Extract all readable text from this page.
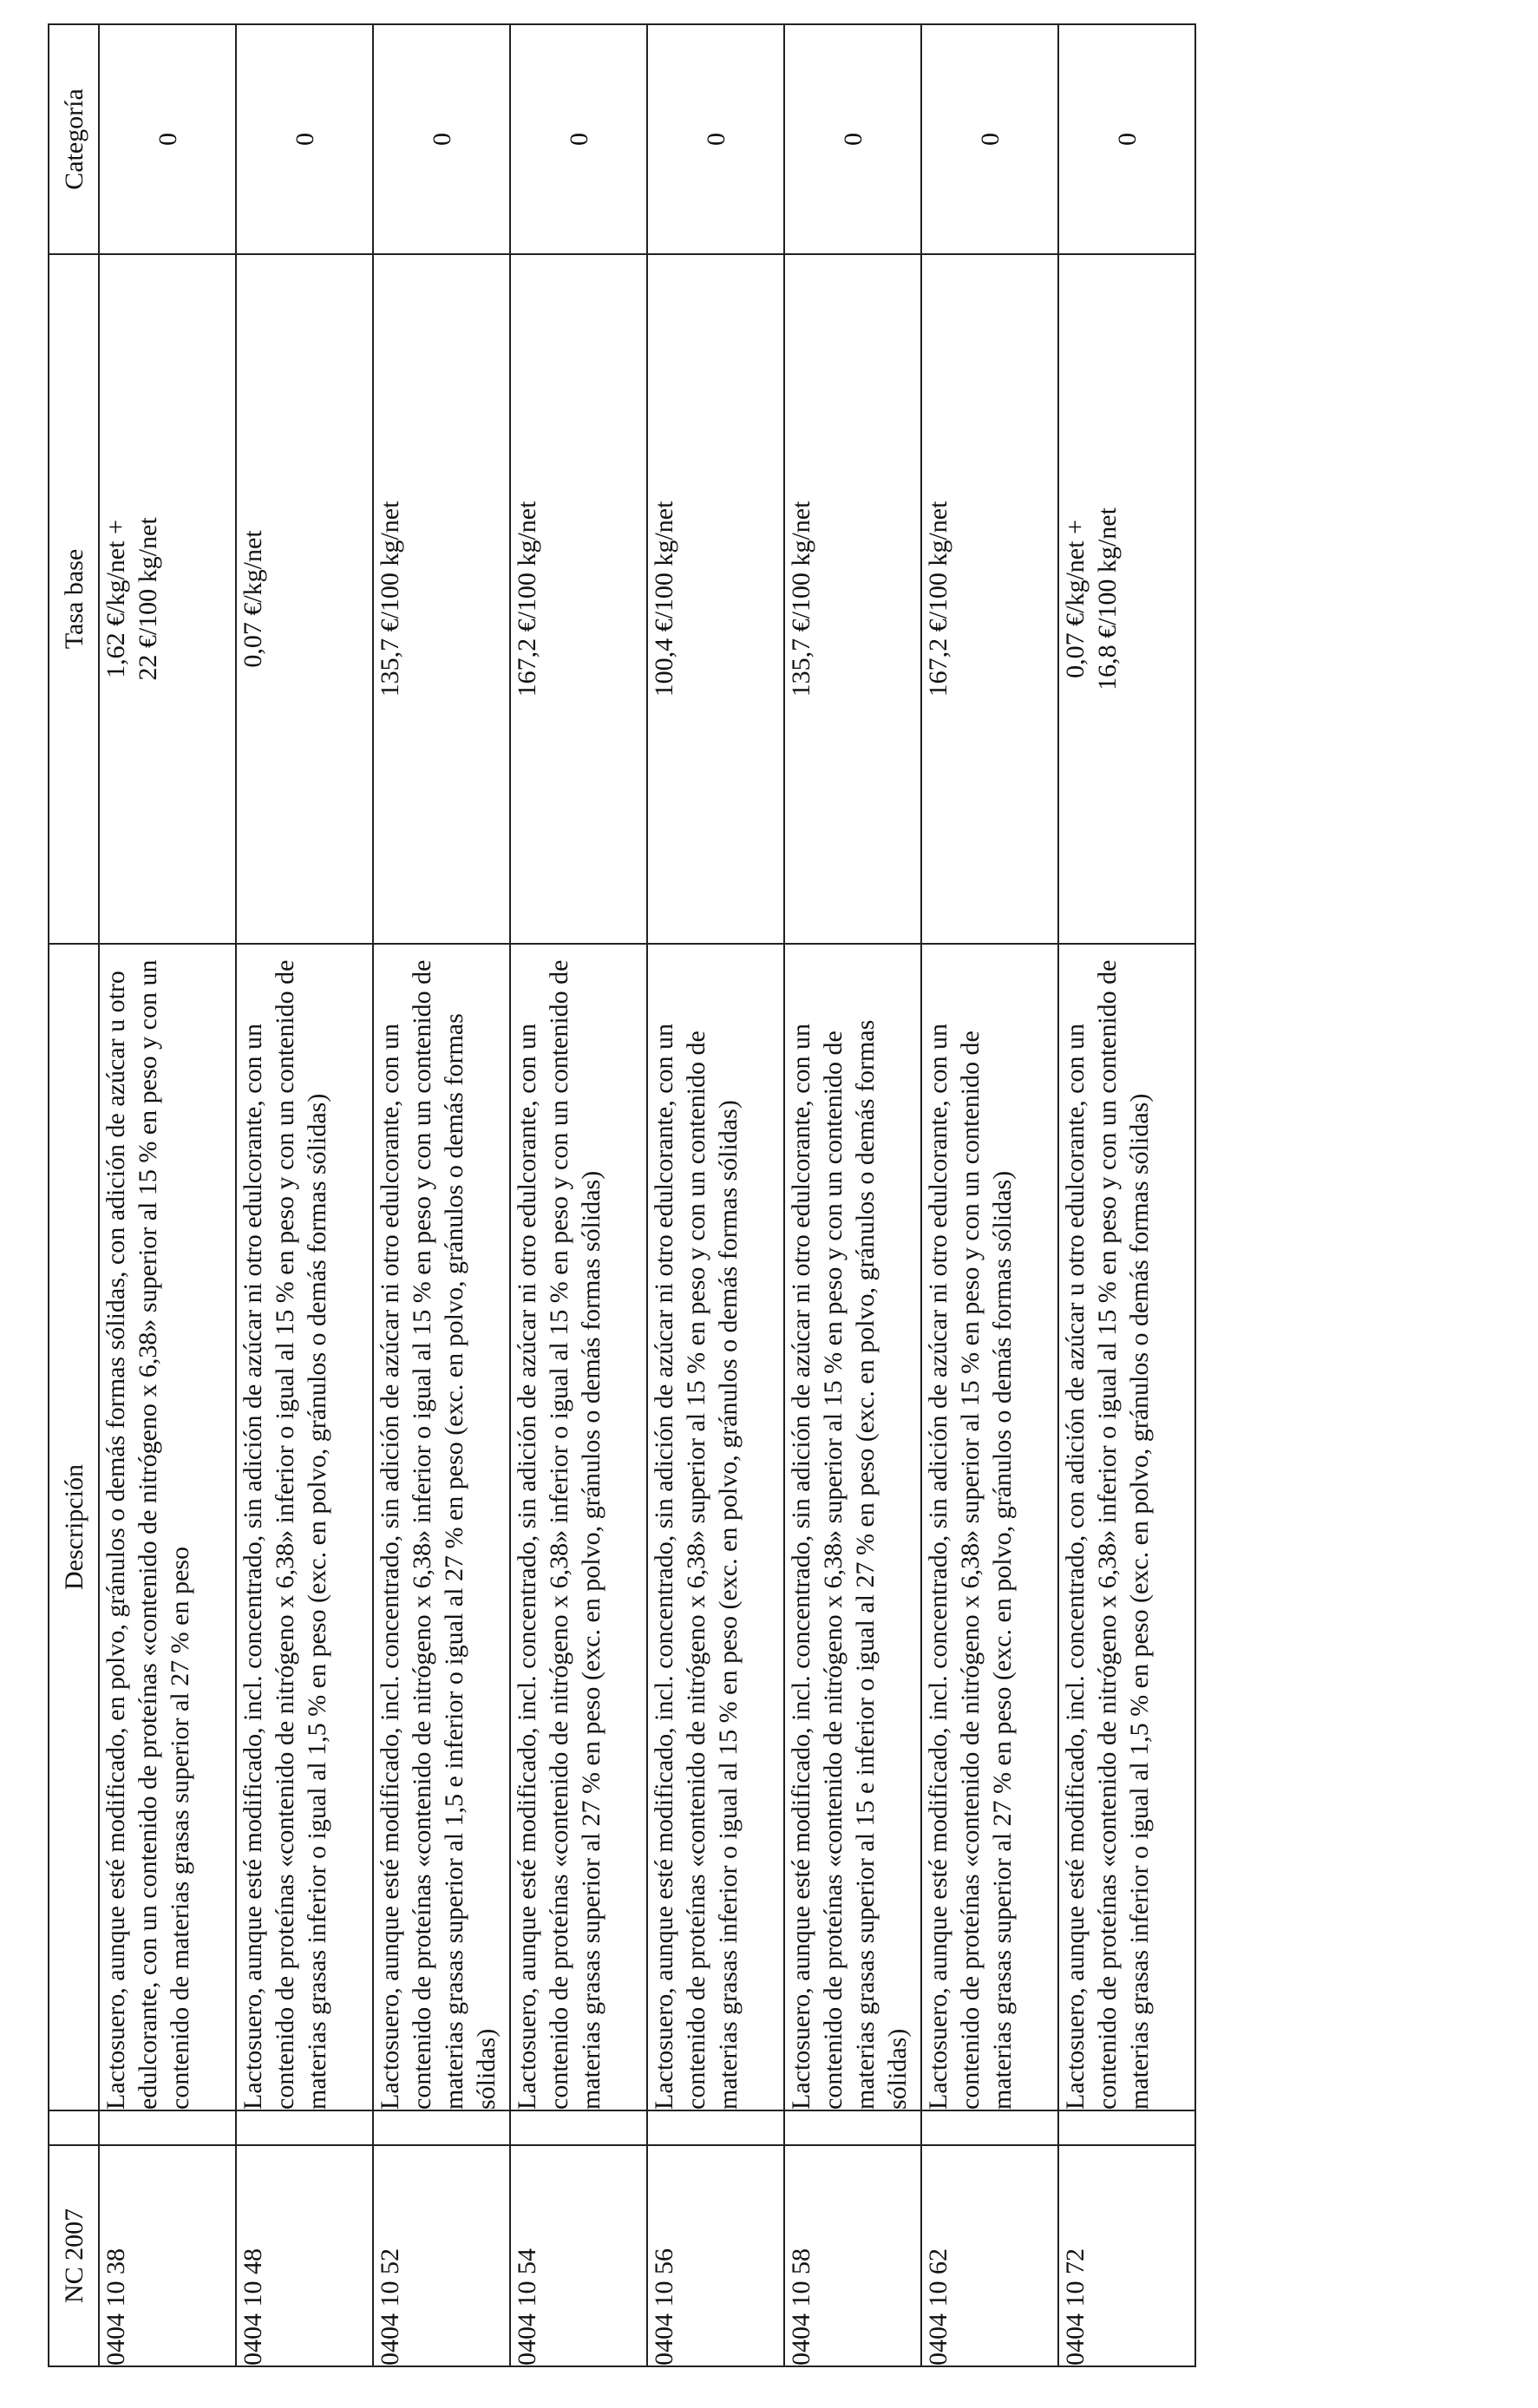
NC 2007		Descripción	Tasa base	Categoría
0404 10 38		Lactosuero, aunque esté modificado, en polvo, gránulos o demás formas sólidas, con adición de azúcar u otro edulcorante, con un contenido de proteínas «contenido de nitrógeno x 6,38» superior al 15 % en peso y con un contenido de materias grasas superior al 27 % en peso	1,62 €/kg/net + 22 €/100 kg/net	0
0404 10 48		Lactosuero, aunque esté modificado, incl. concentrado, sin adición de azúcar ni otro edulcorante, con un contenido de proteínas «contenido de nitrógeno x 6,38» inferior o igual al 15 % en peso y con un contenido de materias grasas inferior o igual al 1,5 % en peso (exc. en polvo, gránulos o demás formas sólidas)	0,07 €/kg/net	0
0404 10 52		Lactosuero, aunque esté modificado, incl. concentrado, sin adición de azúcar ni otro edulcorante, con un contenido de proteínas «contenido de nitrógeno x 6,38» inferior o igual al 15 % en peso y con un contenido de materias grasas superior al 1,5 e inferior o igual al 27 % en peso (exc. en polvo, gránulos o demás formas sólidas)	135,7 €/100 kg/net	0
0404 10 54		Lactosuero, aunque esté modificado, incl. concentrado, sin adición de azúcar ni otro edulcorante, con un contenido de proteínas «contenido de nitrógeno x 6,38» inferior o igual al 15 % en peso y con un contenido de materias grasas superior al 27 % en peso (exc. en polvo, gránulos o demás formas sólidas)	167,2 €/100 kg/net	0
0404 10 56		Lactosuero, aunque esté modificado, incl. concentrado, sin adición de azúcar ni otro edulcorante, con un contenido de proteínas «contenido de nitrógeno x 6,38» superior al 15 % en peso y con un contenido de materias grasas inferior o igual al 15 % en peso (exc. en polvo, gránulos o demás formas sólidas)	100,4 €/100 kg/net	0
0404 10 58		Lactosuero, aunque esté modificado, incl. concentrado, sin adición de azúcar ni otro edulcorante, con un contenido de proteínas «contenido de nitrógeno x 6,38» superior al 15 % en peso y con un contenido de materias grasas superior al 15 e inferior o igual al 27 % en peso (exc. en polvo, gránulos o demás formas sólidas)	135,7 €/100 kg/net	0
0404 10 62		Lactosuero, aunque esté modificado, incl. concentrado, sin adición de azúcar ni otro edulcorante, con un contenido de proteínas «contenido de nitrógeno x 6,38» superior al 15 % en peso y con un contenido de materias grasas superior al 27 % en peso (exc. en polvo, gránulos o demás formas sólidas)	167,2 €/100 kg/net	0
0404 10 72		Lactosuero, aunque esté modificado, incl. concentrado, con adición de azúcar u otro edulcorante, con un contenido de proteínas «contenido de nitrógeno x 6,38» inferior o igual al 15 % en peso y con un contenido de materias grasas inferior o igual al 1,5 % en peso (exc. en polvo, gránulos o demás formas sólidas)	0,07 €/kg/net + 16,8 €/100 kg/net	0
